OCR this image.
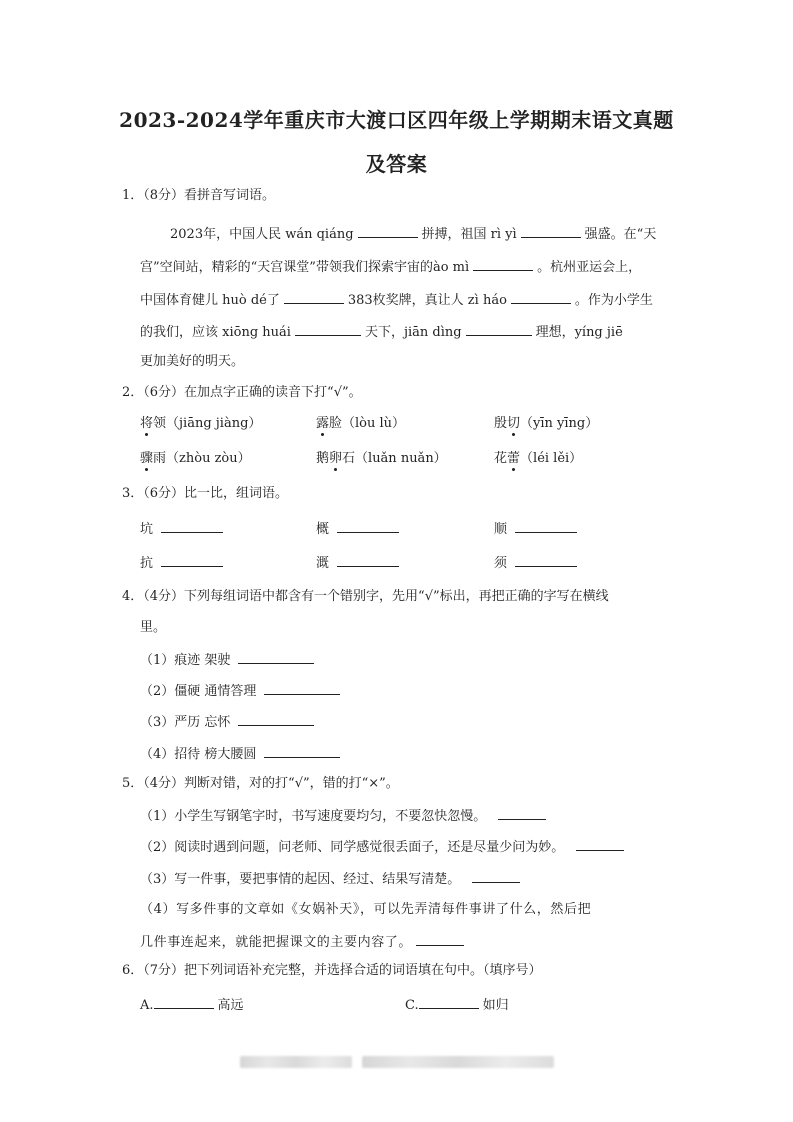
2023-2024学年重庆市大渡口区四年级上学期期末语文真题
及答案
1．（8分）看拼音写词语。
2023年，中国人民 wán qiáng	拼搏，祖国 rì yì	强盛。在“天
宫”空间站，精彩的“天宫课堂”带领我们探索宇宙的ào mì	。杭州亚运会上，
中国体育健儿 huò dé了	383枚奖牌，真让人 zì háo	。作为小学生
的我们，应该 xiōng huái	天下，jiān dìng	理想，yíng jiē
更加美好的明天。
2．（6分）在加点字正确的读音下打“√”。
将领（jiāng jiàng）	露脸（lòu lù）	殷切（yīn yīng）
骤雨（zhòu zòu）	鹅卵石（luǎn nuǎn）	花蕾（léi lěi）
3．（6分）比一比，组词语。
坑	概	顺
抗	溉	须
4．（4分）下列每组词语中都含有一个错别字，先用“√”标出，再把正确的字写在横线
里。
（1）痕迹 架驶
（2）僵硬 通情答理
（3）严历 忘怀
（4）招待 榜大腰圆
5．（4分）判断对错，对的打“√”，错的打“×”。
（1）小学生写钢笔字时，书写速度要均匀，不要忽快忽慢。
（2）阅读时遇到问题，问老师、同学感觉很丢面子，还是尽量少问为妙。
（3）写一件事，要把事情的起因、经过、结果写清楚。
（4）写多件事的文章如《女娲补天》，可以先弄清每件事讲了什么，然后把
几件事连起来，就能把握课文的主要内容了。
6．（7分）把下列词语补充完整，并选择合适的词语填在句中。（填序号）
A.	高远	C.	如归
